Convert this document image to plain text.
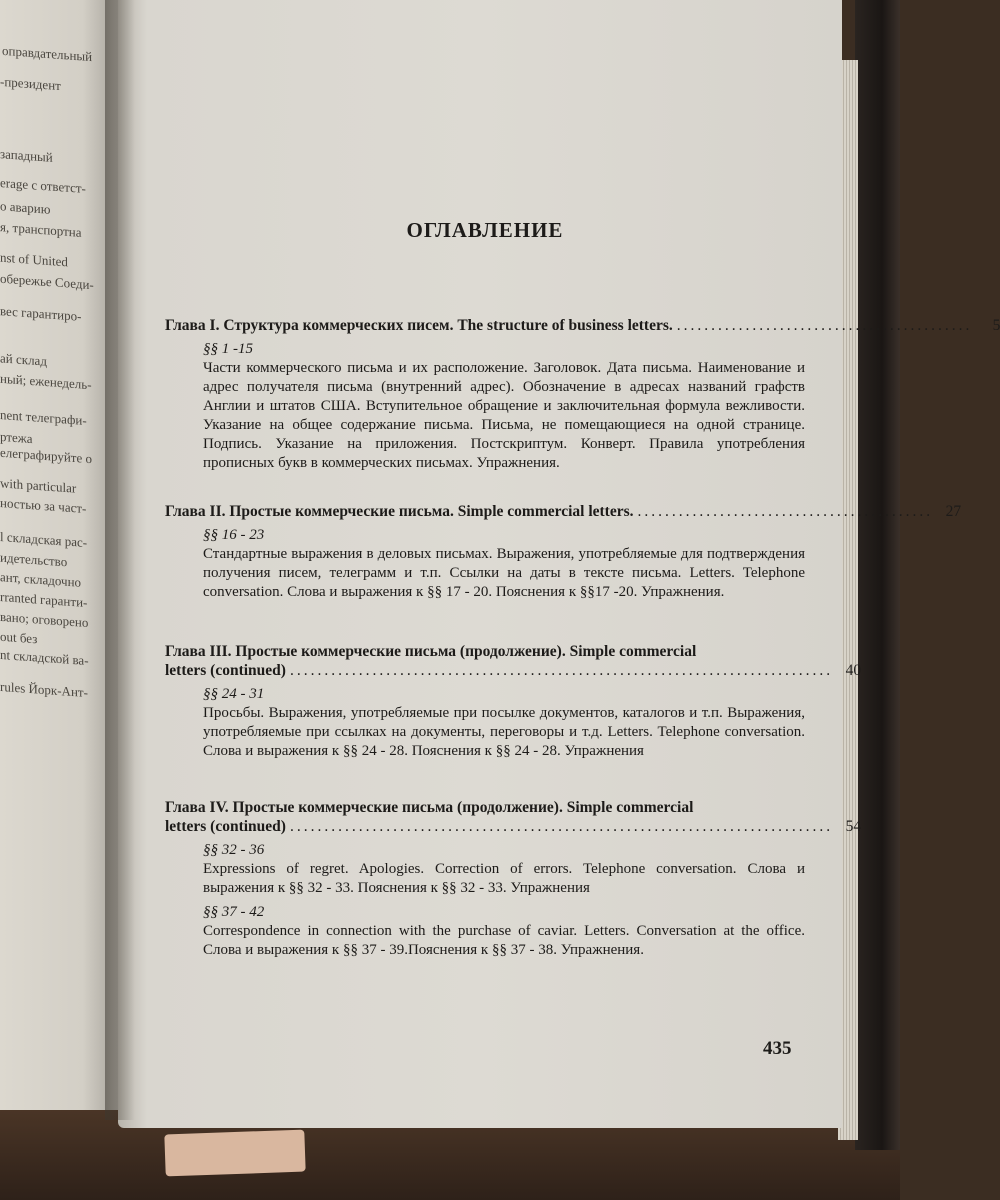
оправдательный
-президент
западный
erage с ответст-
о аварию
я, транспортна
nst of United
обережье Соеди-
вес гарантиро-
ай склад
ный; еженедель-
nent телеграфи-
ртежа
елеграфируйте о
with particular
ностью за част-
l складская рас-
идетельство
ант, складочно
rranted гаранти-
вано; оговорено
out без
nt складской ва-
rules Йорк-Ант-
ОГЛАВЛЕНИЕ
Глава I. Структура коммерческих писем. The structure of business letters. ...........................................	5
§§ 1 -15
Части коммерческого письма и их расположение. Заголовок. Дата письма. Наименование и адрес получателя письма (внутренний адрес). Обозначение в адресах названий графств Англии и штатов США. Вступительное обращение и заключительная формула вежливости. Указание на общее содержание письма. Письма, не помещающиеся на одной странице. Подпись. Указание на приложения. Постскриптум. Конверт. Правила употребления прописных букв в коммерческих письмах. Упражнения.
Глава II. Простые коммерческие письма. Simple commercial letters. ........................................... 27
§§ 16 - 23
Стандартные выражения в деловых письмах. Выражения, употребляемые для подтверждения получения писем, телеграмм и т.п. Ссылки на даты в тексте письма. Letters. Telephone conversation. Слова и выражения к §§ 17 - 20. Пояснения к §§17 -20. Упражнения.
Глава III. Простые коммерческие письма (продолжение). Simple commercial
letters (continued) ............................................................................... 40
§§ 24 - 31
Просьбы. Выражения, употребляемые при посылке документов, каталогов и т.п. Выражения, употребляемые при ссылках на документы, переговоры и т.д. Letters. Telephone conversation. Слова и выражения к §§ 24 - 28. Пояснения к §§ 24 - 28. Упражнения
Глава IV. Простые коммерческие письма (продолжение). Simple commercial
letters (continued) ............................................................................... 54
§§ 32 - 36
Expressions of regret. Apologies. Correction of errors. Telephone conversation. Слова и выражения к §§ 32 - 33. Пояснения к §§ 32 - 33. Упражнения
§§ 37 - 42
Correspondence in connection with the purchase of caviar. Letters. Conversation at the office. Слова и выражения к §§ 37 - 39.Пояснения к §§ 37 - 38. Упражнения.
435
